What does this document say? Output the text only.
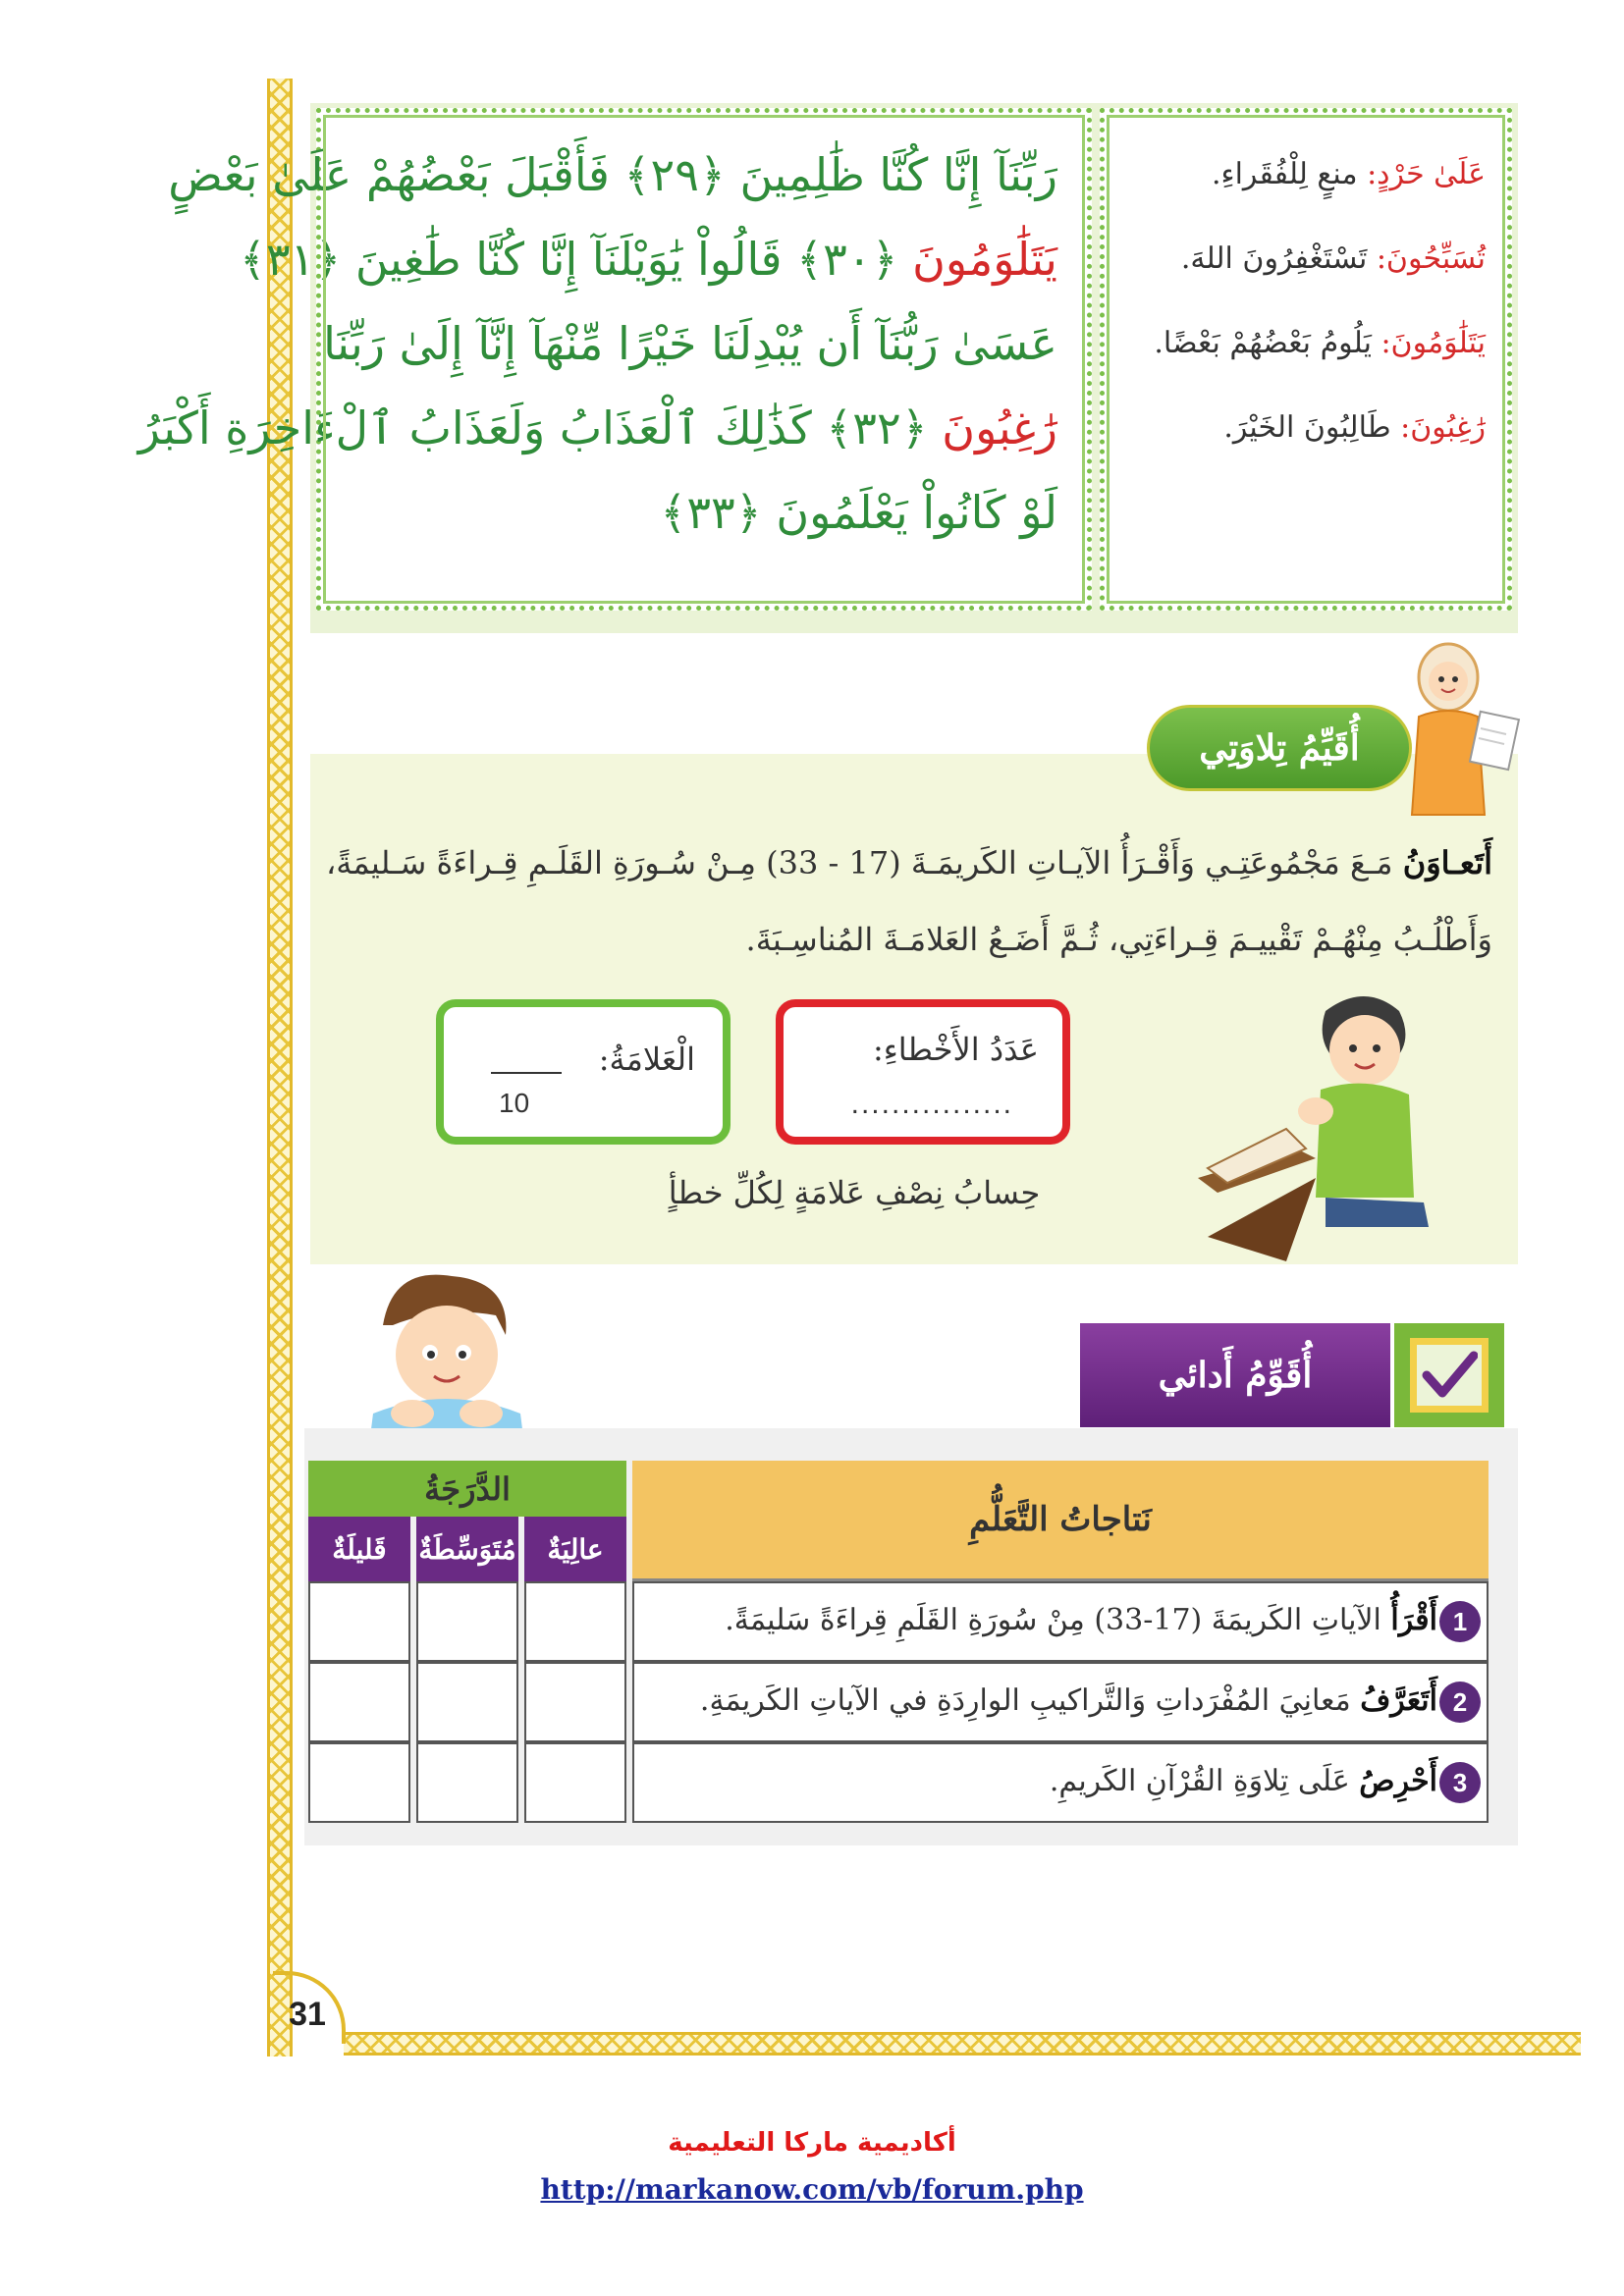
31
رَبِّنَآ إِنَّا كُنَّا ظَٰلِمِينَ ﴿٢٩﴾ فَأَقْبَلَ بَعْضُهُمْ عَلَىٰ بَعْضٍ
يَتَلَٰوَمُونَ ﴿٣٠﴾ قَالُواْ يَٰوَيْلَنَآ إِنَّا كُنَّا طَٰغِينَ ﴿٣١﴾
عَسَىٰ رَبُّنَآ أَن يُبْدِلَنَا خَيْرًا مِّنْهَآ إِنَّآ إِلَىٰ رَبِّنَا
رَٰغِبُونَ ﴿٣٢﴾ كَذَٰلِكَ ٱلْعَذَابُ وَلَعَذَابُ ٱلْءَاخِرَةِ أَكْبَرُ
لَوْ كَانُواْ يَعْلَمُونَ ﴿٣٣﴾
عَلَىٰ حَرْدٍ: منعٍ لِلْفُقَراءِ.
تُسَبِّحُونَ: تَسْتَغْفِرُونَ اللهَ.
يَتَلَٰوَمُونَ: يَلُومُ بَعْضُهُمْ بَعْضًا.
رَٰغِبُونَ: طَالِبُونَ الخَيْرَ.
أُقَيِّمُ تِلاوَتِي
أَتَعـاوَنُ مَـعَ مَجْمُوعَتِـي وَأَقْـرَأُ الآيـاتِ الكَريمَـةَ (17 - 33) مِـنْ سُـورَةِ القَلَـمِ قِـراءَةً سَـليمَةً، وَأَطْلُـبُ مِنْهُـمْ تَقْييـمَ قِـراءَتِي، ثُـمَّ أَضَـعُ العَلامَـةَ المُناسِـبَةَ.
عَدَدُ الأَخْطاءِ:
................
الْعَلامَةُ:
10
حِسابُ نِصْفِ عَلامَةٍ لِكُلِّ خطأٍ
أُقَوِّمُ أَدائي
نَتاجاتُ التَّعَلُّمِ	الدَّرَجَةُ		
	عالِيَةٌ	مُتَوَسِّطَةٌ	قَليلَةٌ
1أَقْرَأُ الآياتِ الكَريمَةَ (17-33) مِنْ سُورَةِ القَلَمِ قِراءَةً سَليمَةً.			
2أَتَعَرَّفُ مَعانِيَ المُفْرَداتِ وَالتَّراكيبِ الوارِدَةِ في الآياتِ الكَريمَةِ.			
3أَحْرِصُ عَلَى تِلاوَةِ القُرْآنِ الكَريمِ.			
أكاديمية ماركا التعليمية
http://markanow.com/vb/forum.php
